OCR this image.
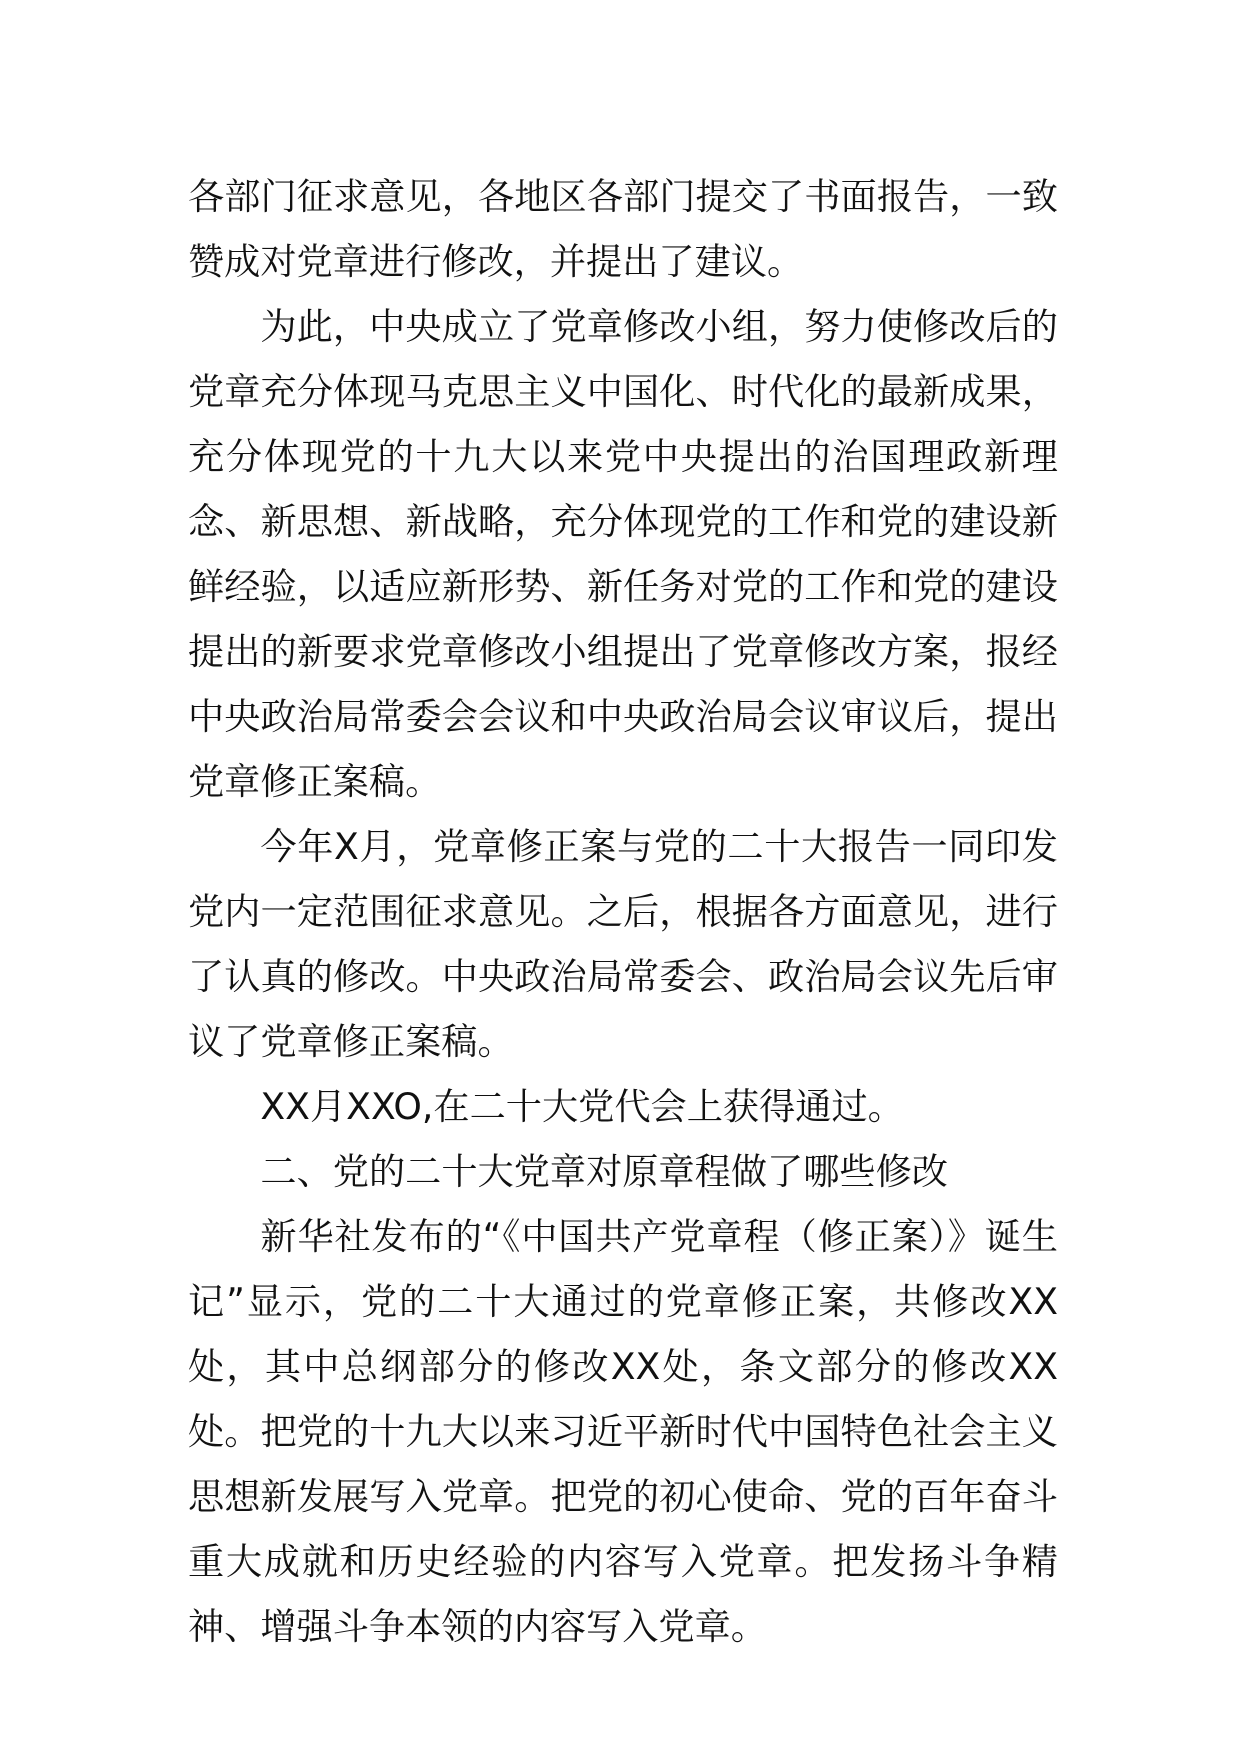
各部门征求意见，各地区各部门提交了书面报告，一致赞成对党章进行修改，并提出了建议。

为此，中央成立了党章修改小组，努力使修改后的党章充分体现马克思主义中国化、时代化的最新成果，充分体现党的十九大以来党中央提出的治国理政新理念、新思想、新战略，充分体现党的工作和党的建设新鲜经验，以适应新形势、新任务对党的工作和党的建设提出的新要求党章修改小组提出了党章修改方案，报经中央政治局常委会会议和中央政治局会议审议后，提出党章修正案稿。

今年X月，党章修正案与党的二十大报告一同印发党内一定范围征求意见。之后，根据各方面意见，进行了认真的修改。中央政治局常委会、政治局会议先后审议了党章修正案稿。

XX月XXO,在二十大党代会上获得通过。

二、党的二十大党章对原章程做了哪些修改

新华社发布的“《中国共产党章程（修正案）》诞生记”显示，党的二十大通过的党章修正案，共修改XX处，其中总纲部分的修改XX处，条文部分的修改XX处。把党的十九大以来习近平新时代中国特色社会主义思想新发展写入党章。把党的初心使命、党的百年奋斗重大成就和历史经验的内容写入党章。把发扬斗争精神、增强斗争本领的内容写入党章。
